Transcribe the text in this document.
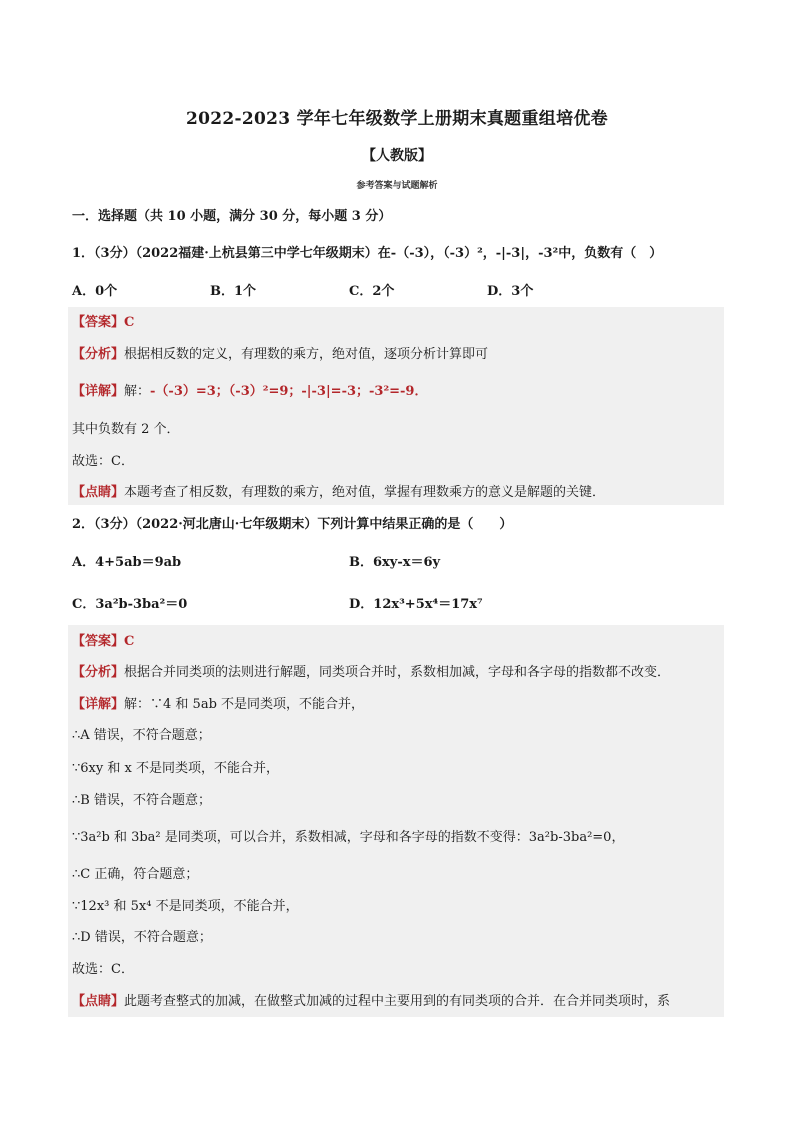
2022-2023 学年七年级数学上册期末真题重组培优卷
【人教版】
参考答案与试题解析
一．选择题（共 10 小题，满分 30 分，每小题 3 分）
1．（3分）（2022福建·上杭县第三中学七年级期末）在-（-3），（-3）²，-|-3|，-3²中，负数有（　）
A．0个	B．1个	C．2个	D．3个
【答案】C
【分析】根据相反数的定义，有理数的乘方，绝对值，逐项分析计算即可
【详解】解：-（-3）=3；（-3）²=9；-|-3|=-3；-3²=-9．
其中负数有 2 个．
故选：C．
【点睛】本题考查了相反数，有理数的乘方，绝对值，掌握有理数乘方的意义是解题的关键．
2．（3分）（2022·河北唐山·七年级期末）下列计算中结果正确的是（　　）
A．4+5ab＝9ab	B．6xy-x＝6y
C．3a²b-3ba²＝0	D．12x³+5x⁴＝17x⁷
【答案】C
【分析】根据合并同类项的法则进行解题，同类项合并时，系数相加减，字母和各字母的指数都不改变．
【详解】解：∵4 和 5ab 不是同类项，不能合并，
∴A 错误，不符合题意；
∵6xy 和 x 不是同类项，不能合并，
∴B 错误，不符合题意；
∵3a²b 和 3ba² 是同类项，可以合并，系数相减，字母和各字母的指数不变得：3a²b-3ba²=0，
∴C 正确，符合题意；
∵12x³ 和 5x⁴ 不是同类项，不能合并，
∴D 错误，不符合题意；
故选：C．
【点睛】此题考查整式的加减，在做整式加减的过程中主要用到的有同类项的合并．在合并同类项时，系
